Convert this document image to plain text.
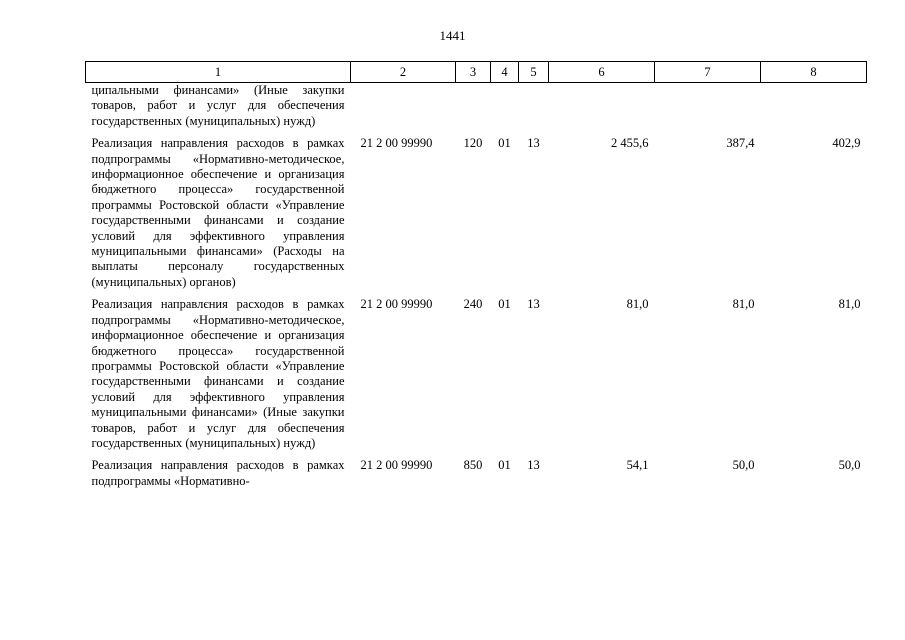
1441
1	2	3	4	5	6	7	8
ципальными финансами» (Иные закупки товаров, работ и услуг для обеспечения государственных (муниципальных) нужд)							
Реализация направления расходов в рамках подпрограммы «Нормативно-методическое, информационное обеспечение и организация бюджетного процесса» государственной программы Ростовской области «Управление государственными финансами и создание условий для эффективного управления муниципальными финансами» (Расходы на выплаты персоналу государственных (муниципальных) органов)	21 2 00 99990	120	01	13	2 455,6	387,4	402,9
Реализация направлєния расходов в рамках подпрограммы «Нормативно-методическое, информационное обеспечение и организация бюджетного процесса» государственной программы Ростовской области «Управление государственными финансами и создание условий для эффективного управления муниципальными финансами» (Иные закупки товаров, работ и услуг для обеспечения государственных (муниципальных) нужд)	21 2 00 99990	240	01	13	81,0	81,0	81,0
Реализация направления расходов в рамках подпрограммы «Нормативно-	21 2 00 99990	850	01	13	54,1	50,0	50,0
